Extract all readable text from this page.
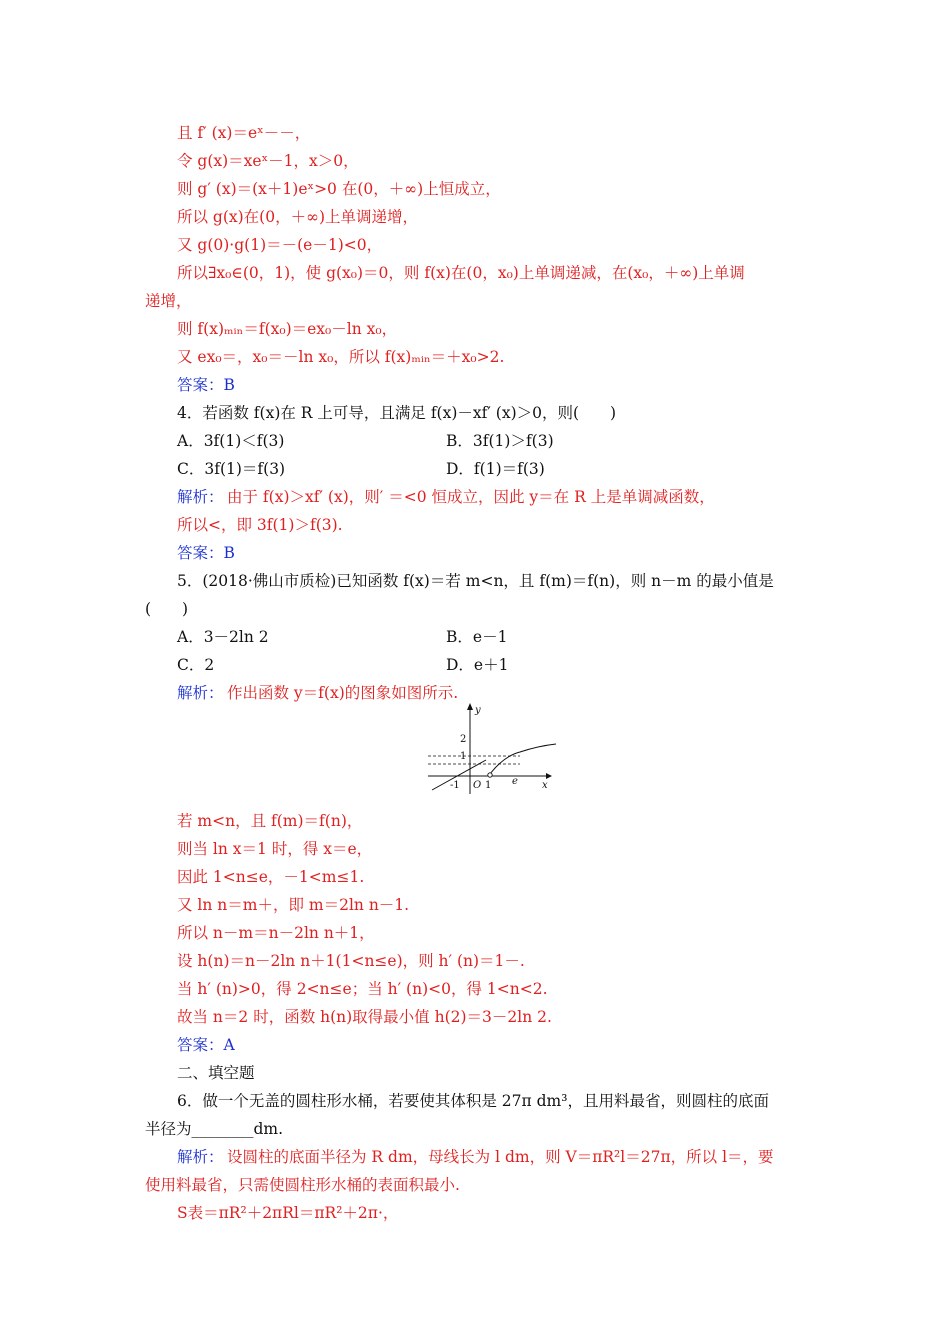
且 f′ (x)＝eˣ－－，
令 g(x)＝xeˣ－1，x＞0，
则 g′ (x)＝(x＋1)eˣ>0 在(0，＋∞)上恒成立，
所以 g(x)在(0，＋∞)上单调递增，
又 g(0)·g(1)＝－(e－1)<0，
所以∃x₀∈(0，1)，使 g(x₀)＝0，则 f(x)在(0，x₀)上单调递减，在(x₀，＋∞)上单调
递增，
则 f(x)ₘᵢₙ＝f(x₀)＝ex₀－ln x₀，
又 ex₀＝，x₀＝－ln x₀，所以 f(x)ₘᵢₙ＝＋x₀>2.
答案：B
4．若函数 f(x)在 R 上可导，且满足 f(x)－xf′ (x)＞0，则(　　)
A．3f(1)＜f(3)	B．3f(1)＞f(3)
C．3f(1)＝f(3)	D．f(1)＝f(3)
解析： 由于 f(x)＞xf′ (x)，则′ ＝<0 恒成立，因此 y＝在 R 上是单调减函数，
所以<，即 3f(1)＞f(3).
答案：B
5．(2018·佛山市质检)已知函数 f(x)＝若 m<n，且 f(m)＝f(n)，则 n－m 的最小值是
(　　)
A．3－2ln 2	B．e－1
C．2	D．e＋1
解析： 作出函数 y＝f(x)的图象如图所示.
若 m<n，且 f(m)＝f(n)，
则当 ln x＝1 时，得 x＝e，
因此 1<n≤e，－1<m≤1.
又 ln n＝m＋，即 m＝2ln n－1.
所以 n－m＝n－2ln n＋1，
设 h(n)＝n－2ln n＋1(1<n≤e)，则 h′ (n)＝1－.
当 h′ (n)>0，得 2<n≤e；当 h′ (n)<0，得 1<n<2.
故当 n＝2 时，函数 h(n)取得最小值 h(2)＝3－2ln 2.
答案：A
二、填空题
6．做一个无盖的圆柱形水桶，若要使其体积是 27π dm³，且用料最省，则圆柱的底面
半径为________dm.
解析： 设圆柱的底面半径为 R dm，母线长为 l dm，则 V＝πR²l＝27π，所以 l＝，要
使用料最省，只需使圆柱形水桶的表面积最小.
S表＝πR²＋2πRl＝πR²＋2π·，
y
x
2
1
-1 O 1 e
